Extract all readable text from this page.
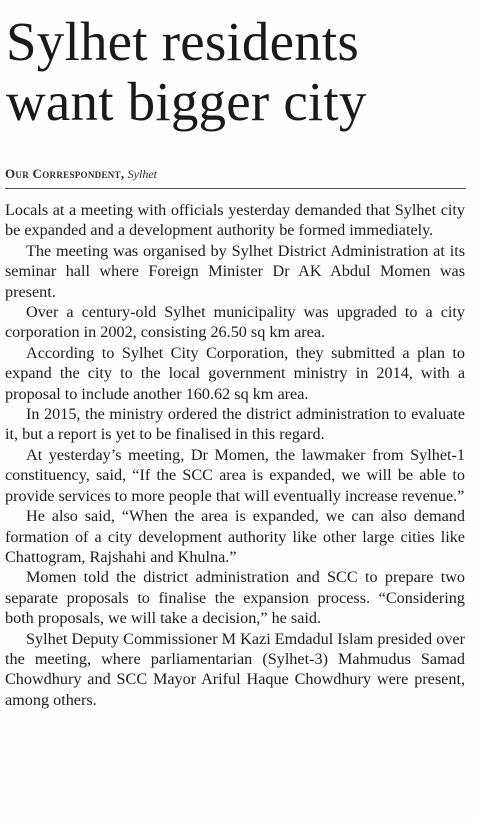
Sylhet residents want bigger city
Our Correspondent, Sylhet

Locals at a meeting with officials yesterday demanded that Sylhet city be expanded and a development authority be formed immediately.

The meeting was organised by Sylhet District Administration at its seminar hall where Foreign Minister Dr AK Abdul Momen was present.

Over a century-old Sylhet municipality was upgraded to a city corporation in 2002, consisting 26.50 sq km area.

According to Sylhet City Corporation, they submitted a plan to expand the city to the local government ministry in 2014, with a proposal to include another 160.62 sq km area.

In 2015, the ministry ordered the district administration to evaluate it, but a report is yet to be finalised in this regard.

At yesterday’s meeting, Dr Momen, the lawmaker from Sylhet-1 constituency, said, “If the SCC area is expanded, we will be able to provide services to more people that will eventually increase revenue.”

He also said, “When the area is expanded, we can also demand formation of a city development authority like other large cities like Chattogram, Rajshahi and Khulna.”

Momen told the district administration and SCC to prepare two separate proposals to finalise the expansion process. “Considering both proposals, we will take a decision,” he said.

Sylhet Deputy Commissioner M Kazi Emdadul Islam presided over the meeting, where parliamentarian (Sylhet-3) Mahmudus Samad Chowdhury and SCC Mayor Ariful Haque Chowdhury were present, among others.
